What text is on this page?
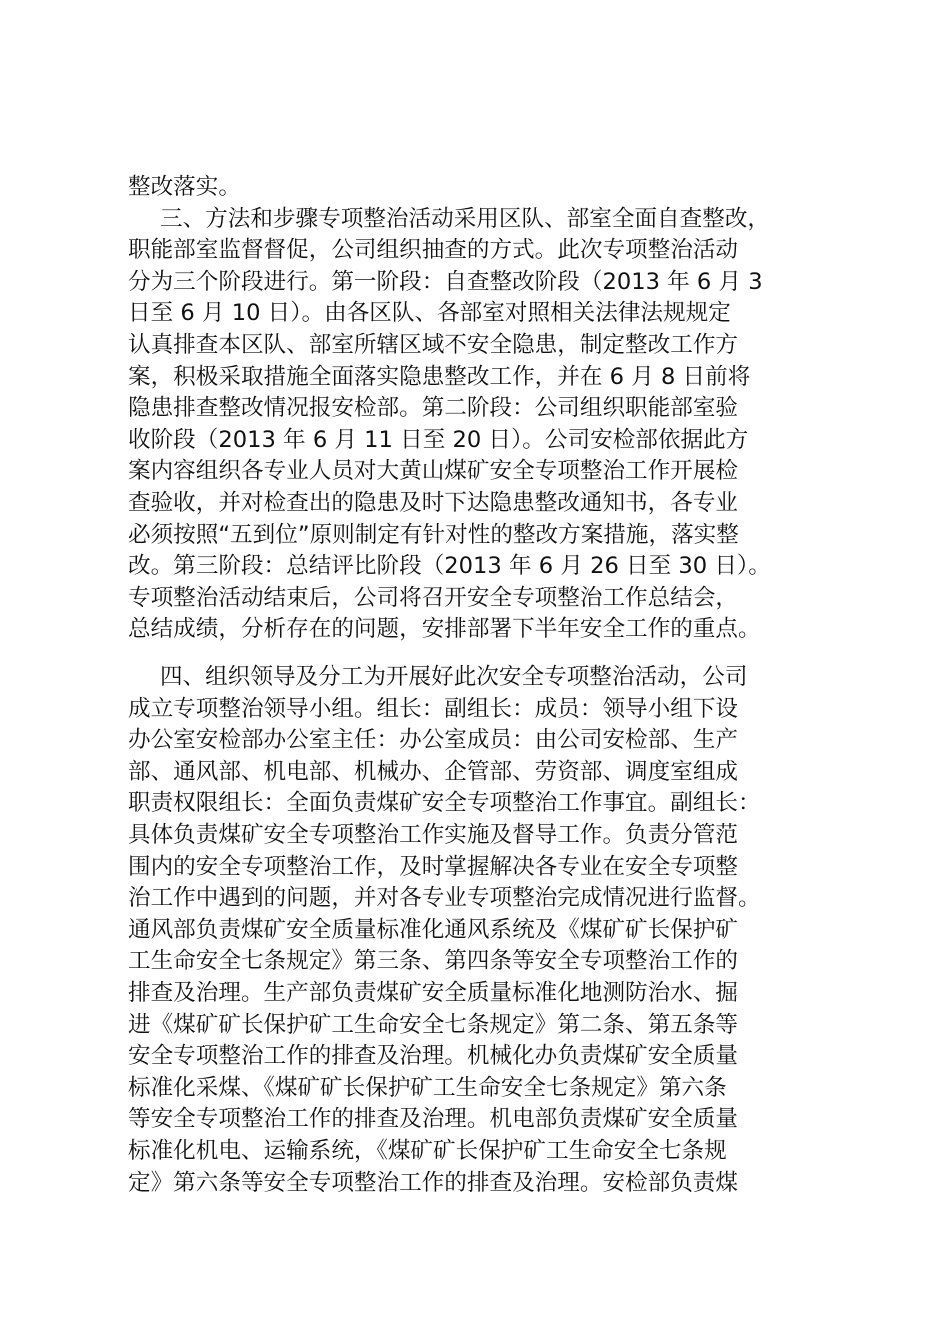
整改落实。
三、方法和步骤专项整治活动采用区队、部室全面自查整改，
职能部室监督督促，公司组织抽查的方式。此次专项整治活动
分为三个阶段进行。第一阶段：自查整改阶段（2013 年 6 月 3
日至 6 月 10 日）。由各区队、各部室对照相关法律法规规定
认真排查本区队、部室所辖区域不安全隐患，制定整改工作方
案，积极采取措施全面落实隐患整改工作，并在 6 月 8 日前将
隐患排查整改情况报安检部。第二阶段：公司组织职能部室验
收阶段（2013 年 6 月 11 日至 20 日）。公司安检部依据此方
案内容组织各专业人员对大黄山煤矿安全专项整治工作开展检
查验收，并对检查出的隐患及时下达隐患整改通知书，各专业
必须按照“五到位”原则制定有针对性的整改方案措施，落实整
改。第三阶段：总结评比阶段（2013 年 6 月 26 日至 30 日）。
专项整治活动结束后，公司将召开安全专项整治工作总结会，
总结成绩，分析存在的问题，安排部署下半年安全工作的重点。
四、组织领导及分工为开展好此次安全专项整治活动，公司
成立专项整治领导小组。组长：副组长：成员：领导小组下设
办公室安检部办公室主任：办公室成员：由公司安检部、生产
部、通风部、机电部、机械办、企管部、劳资部、调度室组成
职责权限组长：全面负责煤矿安全专项整治工作事宜。副组长：
具体负责煤矿安全专项整治工作实施及督导工作。负责分管范
围内的安全专项整治工作，及时掌握解决各专业在安全专项整
治工作中遇到的问题，并对各专业专项整治完成情况进行监督。
通风部负责煤矿安全质量标准化通风系统及《煤矿矿长保护矿
工生命安全七条规定》第三条、第四条等安全专项整治工作的
排查及治理。生产部负责煤矿安全质量标准化地测防治水、掘
进《煤矿矿长保护矿工生命安全七条规定》第二条、第五条等
安全专项整治工作的排查及治理。机械化办负责煤矿安全质量
标准化采煤、《煤矿矿长保护矿工生命安全七条规定》第六条
等安全专项整治工作的排查及治理。机电部负责煤矿安全质量
标准化机电、运输系统，《煤矿矿长保护矿工生命安全七条规
定》第六条等安全专项整治工作的排查及治理。安检部负责煤
